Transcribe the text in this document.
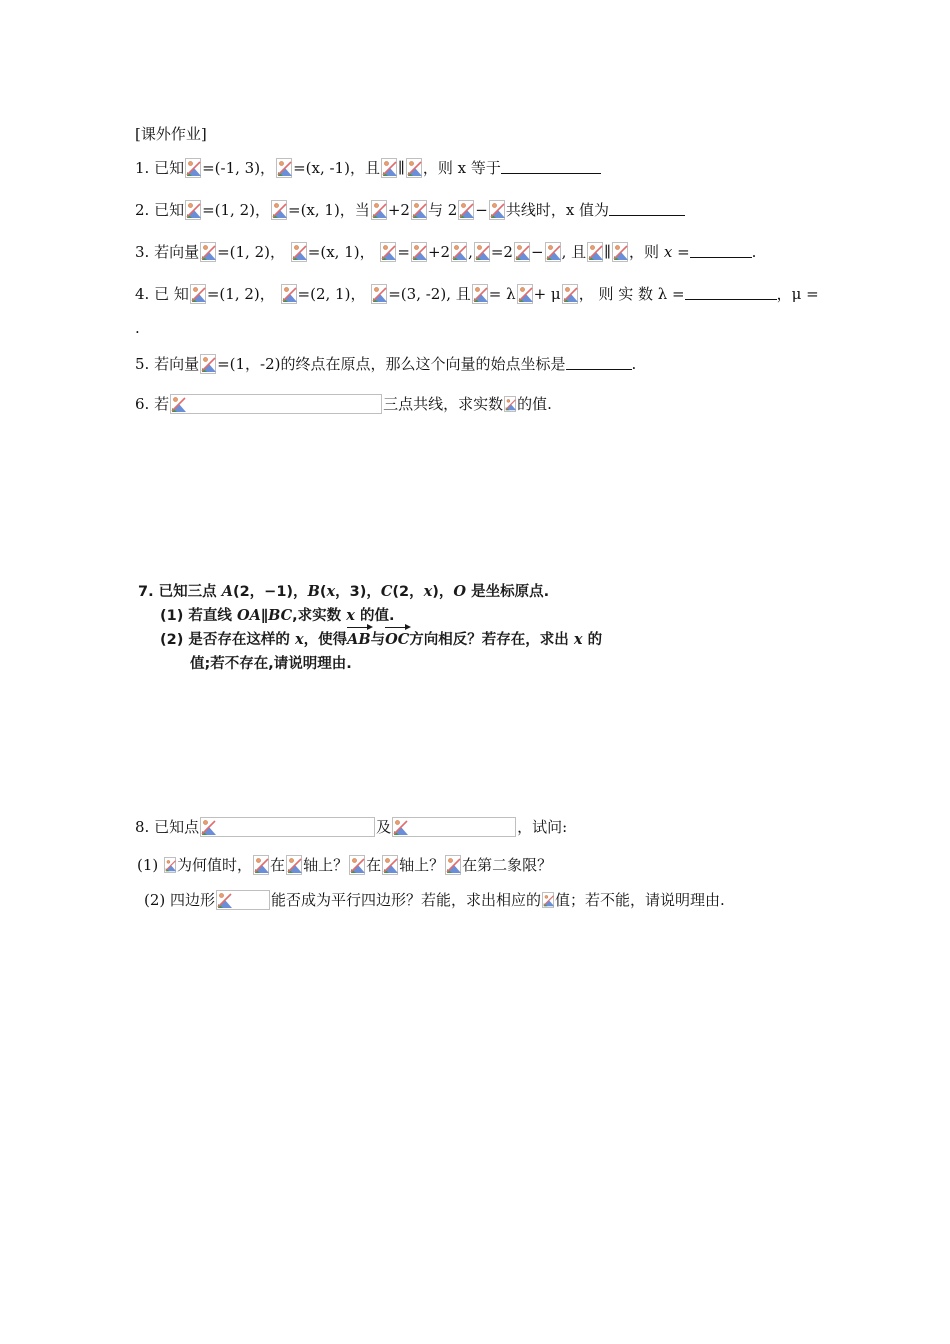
[课外作业]
1. 已知 =(-1, 3)， =(x, -1)，且 ∥ ，则 x 等于
2. 已知 =(1, 2)， =(x, 1)，当 +2 与 2 − 共线时，x 值为
3. 若向量 =(1, 2)， =(x, 1)， = +2 , =2 − , 且 ∥ ，则 x =	.
4. 已 知 =(1, 2)， =(2, 1)， =(3, -2), 且 = λ + μ ， 则 实 数 λ =	，μ =
.
5. 若向量 =(1，-2)的终点在原点，那么这个向量的始点坐标是	.
6. 若	三点共线，求实数 的值.
7. 已知三点 A(2，−1)，B(x，3)，C(2，x)，O 是坐标原点.
(1) 若直线 OA∥BC,求实数 x 的值.
(2) 是否存在这样的 x，使得AB与OC方向相反？若存在，求出 x 的
值;若不存在,请说明理由.
8. 已知点	及	，试问:
(1) 为何值时， 在 轴上？ 在 轴上？ 在第二象限？
(2) 四边形	能否成为平行四边形？若能，求出相应的 值；若不能，请说明理由.
